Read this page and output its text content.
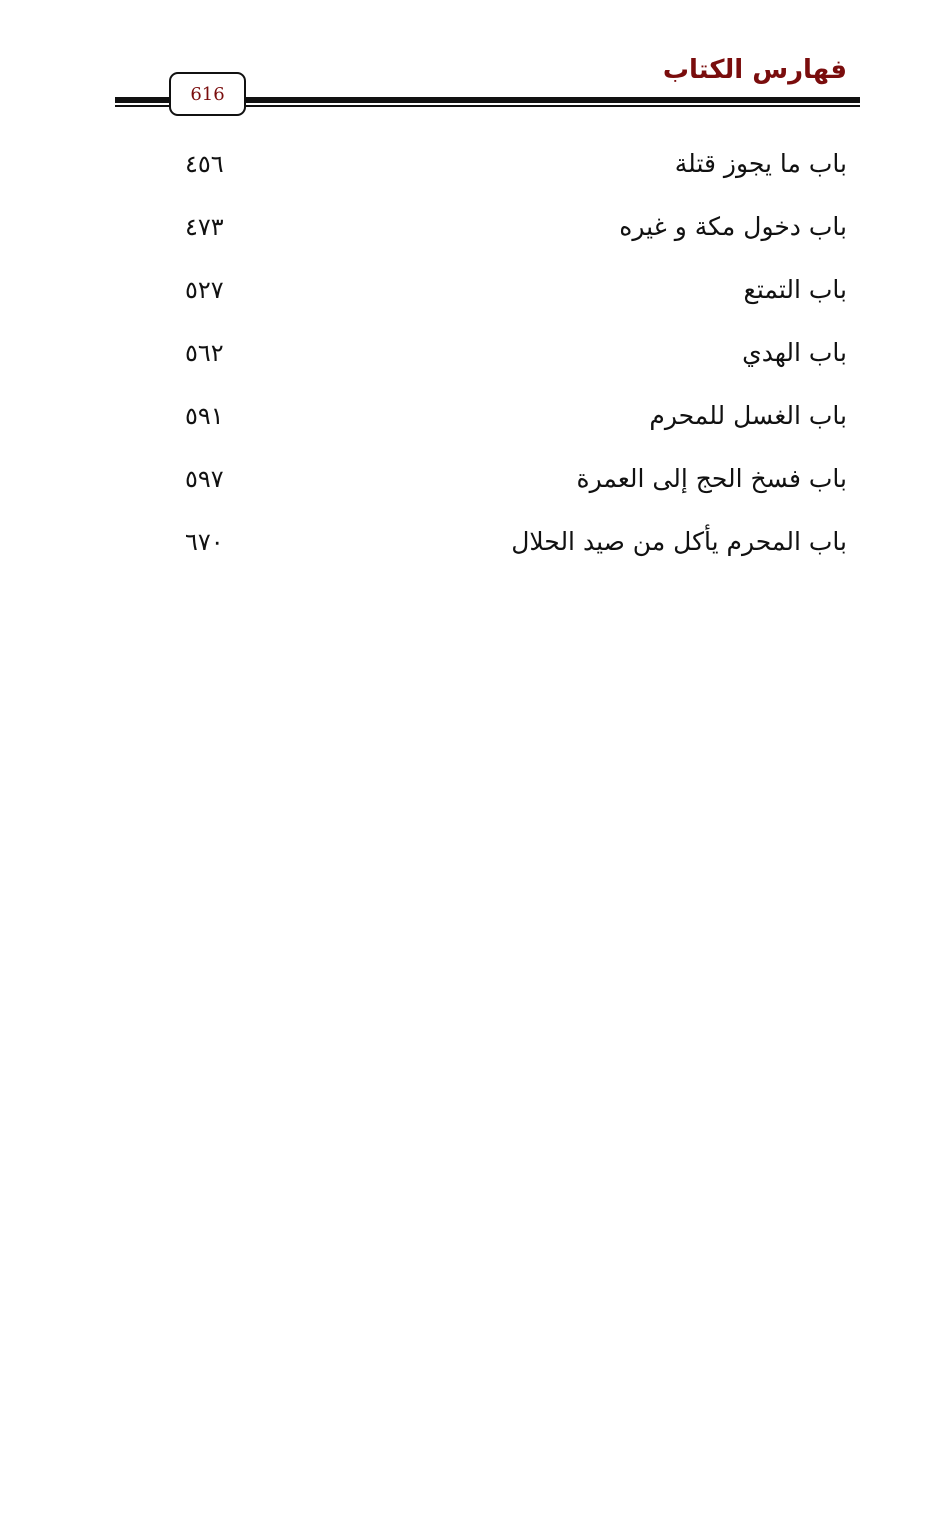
فهارس الكتاب
616
٤٥٦	باب ما يجوز قتلة
٤٧٣	باب دخول مكة و غيره
٥٢٧	باب التمتع
٥٦٢	باب الهدي
٥٩١	باب الغسل للمحرم
٥٩٧	باب فسخ الحج إلى العمرة
٦٧٠	باب المحرم يأكل من صيد الحلال
